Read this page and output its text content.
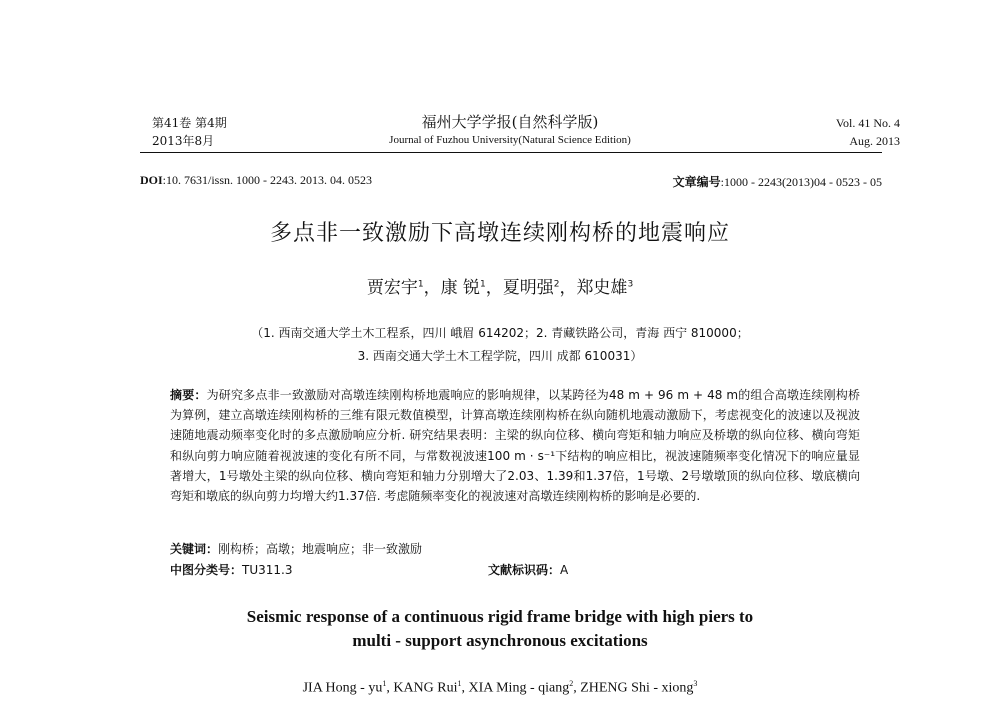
第41卷 第4期
2013年8月
福州大学学报(自然科学版)
Journal of Fuzhou University(Natural Science Edition)
Vol. 41 No. 4
Aug. 2013
DOI:10. 7631/issn. 1000 - 2243. 2013. 04. 0523	文章编号:1000 - 2243(2013)04 - 0523 - 05
多点非一致激励下高墩连续刚构桥的地震响应
贾宏宇$^1$，康 锐$^1$，夏明强$^2$，郑史雄$^3$
（1. 西南交通大学土木工程系，四川 峨眉 614202；2. 青藏铁路公司，青海 西宁 810000；
3. 西南交通大学土木工程学院，四川 成都 610031）
摘要：为研究多点非一致激励对高墩连续刚构桥地震响应的影响规律，以某跨径为48 m + 96 m + 48 m的组合高墩连续刚构桥为算例，建立高墩连续刚构桥的三维有限元数值模型，计算高墩连续刚构桥在纵向随机地震动激励下，考虑视变化的波速以及视波速随地震动频率变化时的多点激励响应分析. 研究结果表明：主梁的纵向位移、横向弯矩和轴力响应及桥墩的纵向位移、横向弯矩和纵向剪力响应随着视波速的变化有所不同，与常数视波速100 m · s⁻¹下结构的响应相比，视波速随频率变化情况下的响应量显著增大，1号墩处主梁的纵向位移、横向弯矩和轴力分别增大了2.03、1.39和1.37倍，1号墩、2号墩墩顶的纵向位移、墩底横向弯矩和墩底的纵向剪力均增大约1.37倍. 考虑随频率变化的视波速对高墩连续刚构桥的影响是必要的.
关键词：刚构桥；高墩；地震响应；非一致激励
中图分类号：TU311.3	文献标识码：A
Seismic response of a continuous rigid frame bridge with high piers to
multi - support asynchronous excitations
JIA Hong - $yu^1$, KANG Rui$^1$, XIA Ming - qiang$^2$, ZHENG Shi - xiong$^3$
